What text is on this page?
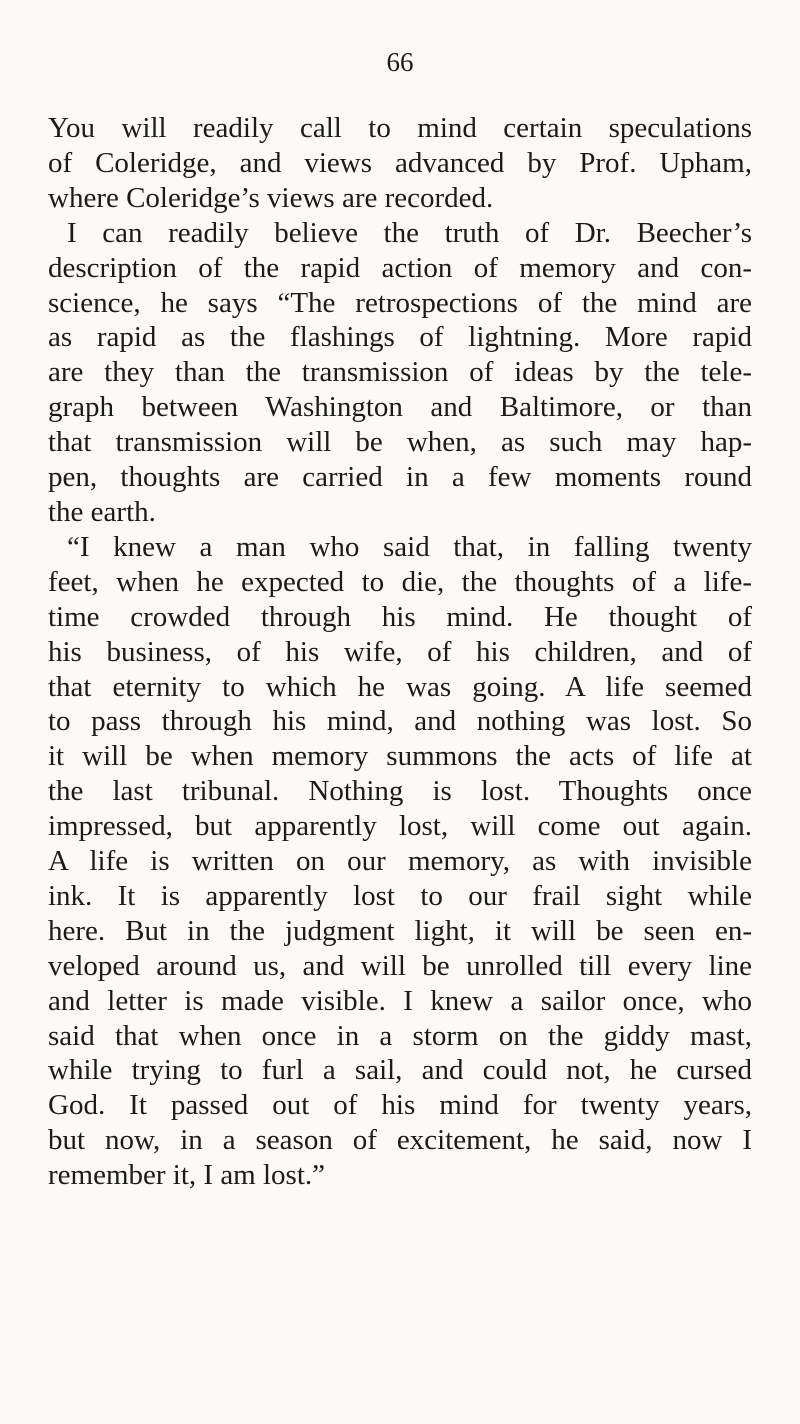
66
You will readily call to mind certain speculations
of Coleridge, and views advanced by Prof. Upham,
where Coleridge’s views are recorded.
I can readily believe the truth of Dr. Beecher’s
description of the rapid action of memory and con-
science, he says “The retrospections of the mind are
as rapid as the flashings of lightning. More rapid
are they than the transmission of ideas by the tele-
graph between Washington and Baltimore, or than
that transmission will be when, as such may hap-
pen, thoughts are carried in a few moments round
the earth.
“I knew a man who said that, in falling twenty
feet, when he expected to die, the thoughts of a life-
time crowded through his mind. He thought of
his business, of his wife, of his children, and of
that eternity to which he was going. A life seemed
to pass through his mind, and nothing was lost. So
it will be when memory summons the acts of life at
the last tribunal. Nothing is lost. Thoughts once
impressed, but apparently lost, will come out again.
A life is written on our memory, as with invisible
ink. It is apparently lost to our frail sight while
here. But in the judgment light, it will be seen en-
veloped around us, and will be unrolled till every line
and letter is made visible. I knew a sailor once, who
said that when once in a storm on the giddy mast,
while trying to furl a sail, and could not, he cursed
God. It passed out of his mind for twenty years,
but now, in a season of excitement, he said, now I
remember it, I am lost.”
